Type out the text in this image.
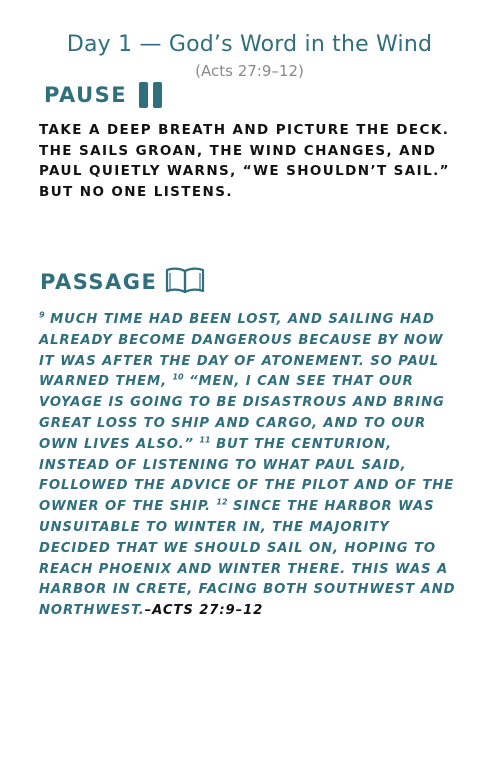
Day 1 — God’s Word in the Wind
(Acts 27:9–12)
PAUSE
TAKE A DEEP BREATH AND PICTURE THE DECK. THE SAILS GROAN, THE WIND CHANGES, AND PAUL QUIETLY WARNS, “WE SHOULDN’T SAIL.” BUT NO ONE LISTENS.
PASSAGE
$^9$ MUCH TIME HAD BEEN LOST, AND SAILING HAD ALREADY BECOME DANGEROUS BECAUSE BY NOW IT WAS AFTER THE DAY OF ATONEMENT. SO PAUL WARNED THEM, $^{10}$ “MEN, I CAN SEE THAT OUR VOYAGE IS GOING TO BE DISASTROUS AND BRING GREAT LOSS TO SHIP AND CARGO, AND TO OUR OWN LIVES ALSO.” $^{11}$ BUT THE CENTURION, INSTEAD OF LISTENING TO WHAT PAUL SAID, FOLLOWED THE ADVICE OF THE PILOT AND OF THE OWNER OF THE SHIP. $^{12}$ SINCE THE HARBOR WAS UNSUITABLE TO WINTER IN, THE MAJORITY DECIDED THAT WE SHOULD SAIL ON, HOPING TO REACH PHOENIX AND WINTER THERE. THIS WAS A HARBOR IN CRETE, FACING BOTH SOUTHWEST AND NORTHWEST.–ACTS 27:9–12
